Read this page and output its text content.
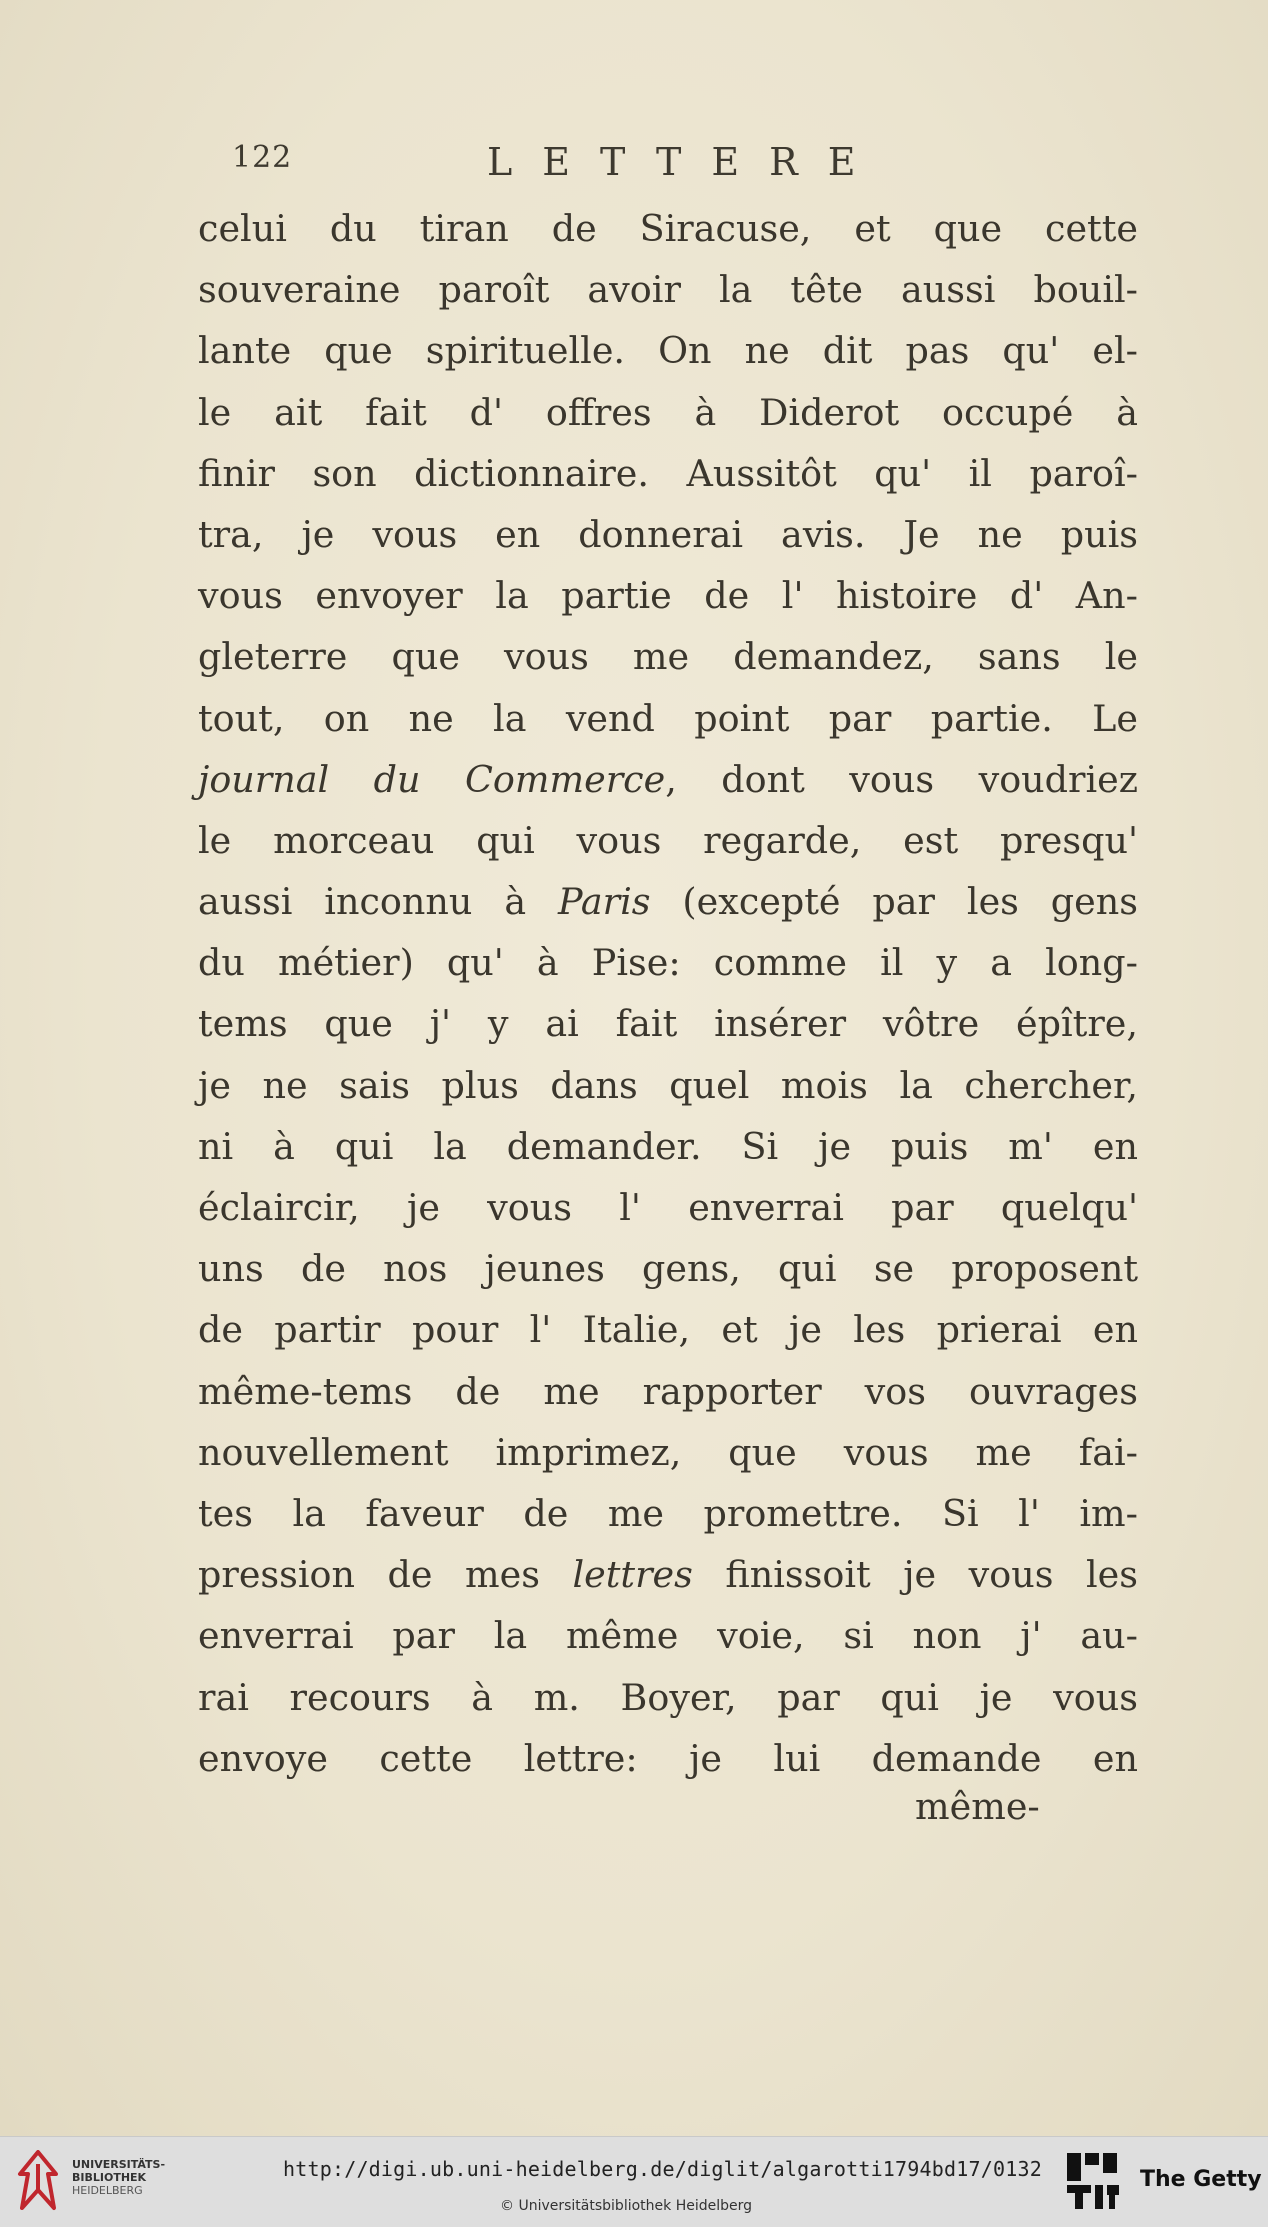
122	LETTERE
celui du tiran de Siracuse, et que cette
souveraine paroît avoir la tête aussi bouil-
lante que spirituelle. On ne dit pas qu' el-
le ait fait d' offres à Diderot occupé à
finir son dictionnaire. Aussitôt qu' il paroî-
tra, je vous en donnerai avis. Je ne puis
vous envoyer la partie de l' histoire d' An-
gleterre que vous me demandez, sans le
tout, on ne la vend point par partie. Le
journal du Commerce, dont vous voudriez
le morceau qui vous regarde, est presqu'
aussi inconnu à Paris (excepté par les gens
du métier) qu' à Pise: comme il y a long-
tems que j' y ai fait insérer vôtre épître,
je ne sais plus dans quel mois la chercher,
ni à qui la demander. Si je puis m' en
éclaircir, je vous l' enverrai par quelqu'
uns de nos jeunes gens, qui se proposent
de partir pour l' Italie, et je les prierai en
même-tems de me rapporter vos ouvrages
nouvellement imprimez, que vous me fai-
tes la faveur de me promettre. Si l' im-
pression de mes lettres finissoit je vous les
enverrai par la même voie, si non j' au-
rai recours à m. Boyer, par qui je vous
envoye cette lettre: je lui demande en
même-
UNIVERSITÄTS-
BIBLIOTHEK
HEIDELBERG
http://digi.ub.uni-heidelberg.de/diglit/algarotti1794bd17/0132
© Universitätsbibliothek Heidelberg
The Getty
